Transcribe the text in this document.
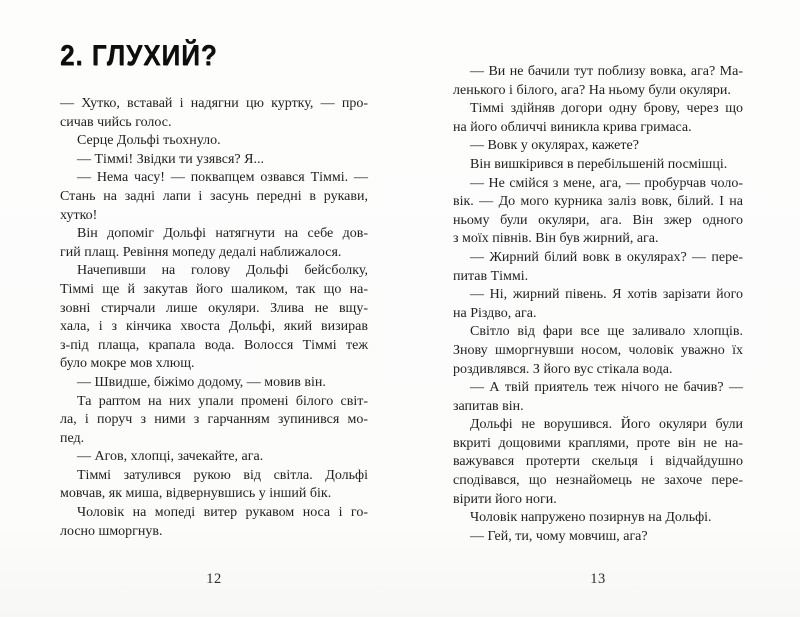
2. ГЛУХИЙ?
— Хутко, вставай і надягни цю куртку, — про-
сичав чийсь голос.
Серце Дольфі тьохнуло.
— Тіммі! Звідки ти узявся? Я...
— Нема часу! — поквапцем озвався Тіммі. —
Стань на задні лапи і засунь передні в рукави,
хутко!
Він допоміг Дольфі натягнути на себе дов-
гий плащ. Ревіння мопеду дедалі наближалося.
Начепивши на голову Дольфі бейсболку,
Тіммі ще й закутав його шаликом, так що на-
зовні стирчали лише окуляри. Злива не вщу-
хала, і з кінчика хвоста Дольфі, який визирав
з-під плаща, крапала вода. Волосся Тіммі теж
було мокре мов хлющ.
— Швидше, біжімо додому, — мовив він.
Та раптом на них упали промені білого світ-
ла, і поруч з ними з гарчанням зупинився мо-
пед.
— Агов, хлопці, зачекайте, ага.
Тіммі затулився рукою від світла. Дольфі
мовчав, як миша, відвернувшись у інший бік.
Чоловік на мопеді витер рукавом носа і го-
лосно шморгнув.
12
— Ви не бачили тут поблизу вовка, ага? Ма-
ленького і білого, ага? На ньому були окуляри.
Тіммі здійняв догори одну брову, через що
на його обличчі виникла крива гримаса.
— Вовк у окулярах, кажете?
Він вишкірився в перебільшеній посмішці.
— Не смійся з мене, ага, — пробурчав чоло-
вік. — До мого курника заліз вовк, білий. І на
ньому були окуляри, ага. Він зжер одного
з моїх півнів. Він був жирний, ага.
— Жирний білий вовк в окулярах? — пере-
питав Тіммі.
— Ні, жирний півень. Я хотів зарізати його
на Різдво, ага.
Світло від фари все ще заливало хлопців.
Знову шморгнувши носом, чоловік уважно їх
роздивлявся. З його вус стікала вода.
— А твій приятель теж нічого не бачив? —
запитав він.
Дольфі не ворушився. Його окуляри були
вкриті дощовими краплями, проте він не на-
важувався протерти скельця і відчайдушно
сподівався, що незнайомець не захоче пере-
вірити його ноги.
Чоловік напружено позирнув на Дольфі.
— Гей, ти, чому мовчиш, ага?
13
